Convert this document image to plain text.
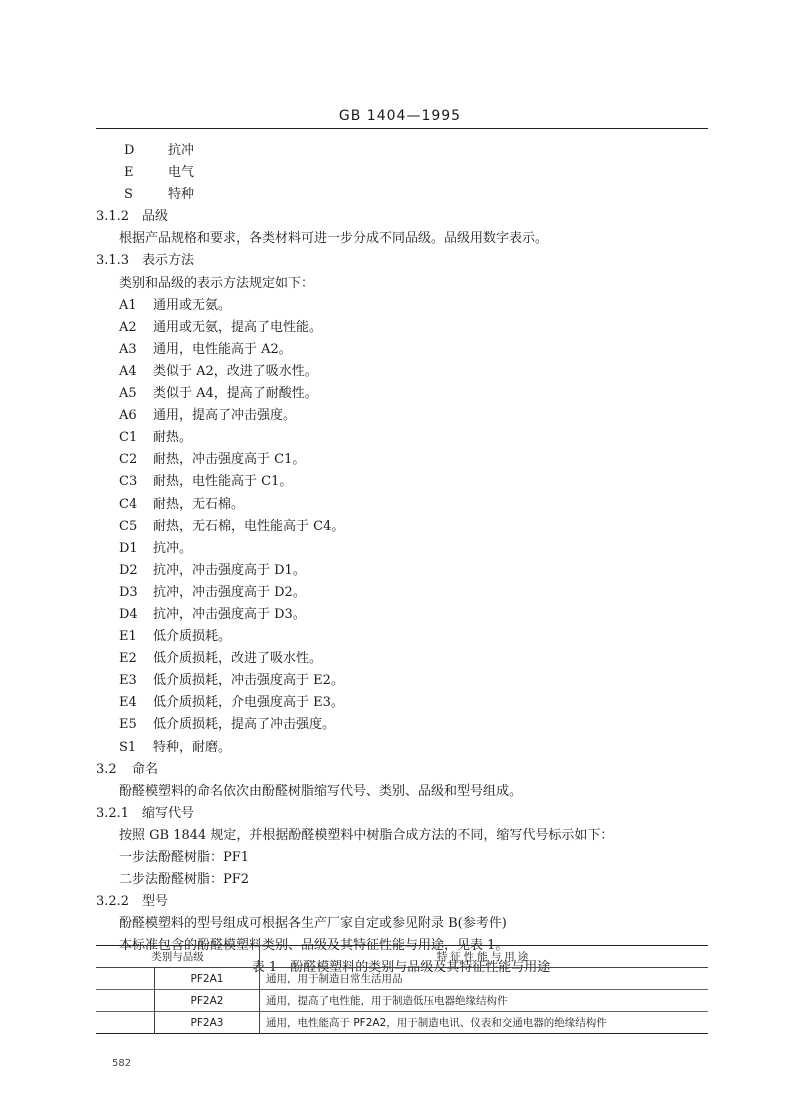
GB 1404—1995
D	抗冲
E	电气
S	特种
3.1.2 品级
根据产品规格和要求，各类材料可进一步分成不同品级。品级用数字表示。
3.1.3 表示方法
类别和品级的表示方法规定如下：
A1 通用或无氨。
A2 通用或无氨，提高了电性能。
A3 通用，电性能高于 A2。
A4 类似于 A2，改进了吸水性。
A5 类似于 A4，提高了耐酸性。
A6 通用，提高了冲击强度。
C1 耐热。
C2 耐热，冲击强度高于 C1。
C3 耐热，电性能高于 C1。
C4 耐热，无石棉。
C5 耐热，无石棉，电性能高于 C4。
D1 抗冲。
D2 抗冲，冲击强度高于 D1。
D3 抗冲，冲击强度高于 D2。
D4 抗冲，冲击强度高于 D3。
E1 低介质损耗。
E2 低介质损耗，改进了吸水性。
E3 低介质损耗，冲击强度高于 E2。
E4 低介质损耗，介电强度高于 E3。
E5 低介质损耗，提高了冲击强度。
S1 特种，耐磨。
3.2 命名
酚醛模塑料的命名依次由酚醛树脂缩写代号、类别、品级和型号组成。
3.2.1 缩写代号
按照 GB 1844 规定，并根据酚醛模塑料中树脂合成方法的不同，缩写代号标示如下：
一步法酚醛树脂：PF1
二步法酚醛树脂：PF2
3.2.2 型号
酚醛模塑料的型号组成可根据各生产厂家自定或参见附录 B(参考件)
本标准包含的酚醛模塑料类别、品级及其特征性能与用途，见表 1。
表 1　酚醛模塑料的类别与品级及其特征性能与用途
类别与品级		特征性能与用途
	PF2A1	通用，用于制造日常生活用品
	PF2A2	通用，提高了电性能，用于制造低压电器绝缘结构件
	PF2A3	通用，电性能高于 PF2A2，用于制造电讯、仪表和交通电器的绝缘结构件
582
